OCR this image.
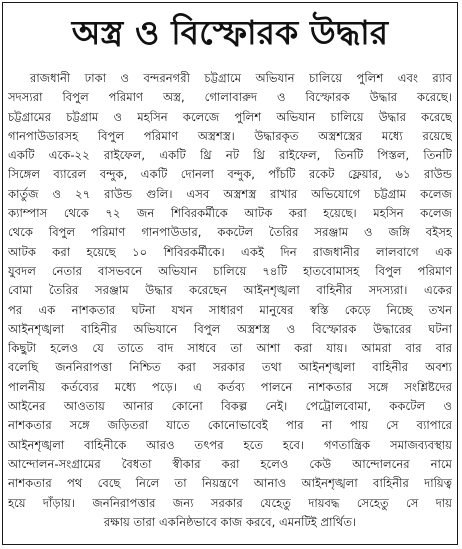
অস্ত্র ও বিস্ফোরক উদ্ধার
রাজধানী ঢাকা ও বন্দরনগরী চট্টগ্রামে অভিযান চালিয়ে পুলিশ এবং র‍্যাব
সদস্যরা বিপুল পরিমাণ অস্ত্র, গোলাবারুদ ও বিস্ফোরক উদ্ধার করেছে।
চট্টগ্রামের চট্টগ্রাম ও মহসিন কলেজে পুলিশ অভিযান চালিয়ে উদ্ধার করেছে
গানপাউডারসহ বিপুল পরিমাণ অস্ত্রশস্ত্র। উদ্ধারকৃত অস্ত্রশস্ত্রের মধ্যে রয়েছে
একটি একে-২২ রাইফেল, একটি থ্রি নট থ্রি রাইফেল, তিনটি পিস্তল, তিনটি
সিঙ্গেল ব্যারেল বন্দুক, একটি দোনলা বন্দুক, পাঁচটি রকেট ফ্লেয়ার, ৬১ রাউন্ড
কার্তুজ ও ২৭ রাউন্ড গুলি। এসব অস্ত্রশস্ত্র রাখার অভিযোগে চট্টগ্রাম কলেজ
ক্যাম্পাস থেকে ৭২ জন শিবিরকর্মীকে আটক করা হয়েছে। মহসিন কলেজ
থেকে বিপুল পরিমাণ গানপাউডার, ককটেল তৈরির সরঞ্জাম ও জঙ্গি বইসহ
আটক করা হয়েছে ১০ শিবিরকর্মীকে। একই দিন রাজধানীর লালবাগে এক
যুবদল নেতার বাসভবনে অভিযান চালিয়ে ৭৪টি হাতবোমাসহ বিপুল পরিমাণ
বোমা তৈরির সরঞ্জাম উদ্ধার করেছেন আইনশৃঙ্খলা বাহিনীর সদস্যরা। একের
পর এক নাশকতার ঘটনা যখন সাধারণ মানুষের স্বস্তি কেড়ে নিচ্ছে তখন
আইনশৃঙ্খলা বাহিনীর অভিযানে বিপুল অস্ত্রশস্ত্র ও বিস্ফোরক উদ্ধারের ঘটনা
কিছুটা হলেও যে তাতে বাদ সাধবে তা আশা করা যায়। আমরা বার বার
বলেছি জননিরাপত্তা নিশ্চিত করা সরকার তথা আইনশৃঙ্খলা বাহিনীর অবশ্য
পালনীয় কর্তব্যের মধ্যে পড়ে। এ কর্তব্য পালনে নাশকতার সঙ্গে সংশ্লিষ্টদের
আইনের আওতায় আনার কোনো বিকল্প নেই। পেট্রোলবোমা, ককটেল ও
নাশকতার সঙ্গে জড়িতরা যাতে কোনোভাবেই পার না পায় সে ব্যাপারে
আইনশৃঙ্খলা বাহিনীকে আরও তৎপর হতে হবে। গণতান্ত্রিক সমাজব্যবস্থায়
আন্দোলন-সংগ্রামের বৈধতা স্বীকার করা হলেও কেউ আন্দোলনের নামে
নাশকতার পথ বেছে নিলে তা নিয়ন্ত্রণে আনাও আইনশৃঙ্খলা বাহিনীর দায়িত্ব
হয়ে দাঁড়ায়। জননিরাপত্তার জন্য সরকার যেহেতু দায়বদ্ধ সেহেতু সে দায়
রক্ষায় তারা একনিষ্ঠভাবে কাজ করবে, এমনটিই প্রার্থিত।
